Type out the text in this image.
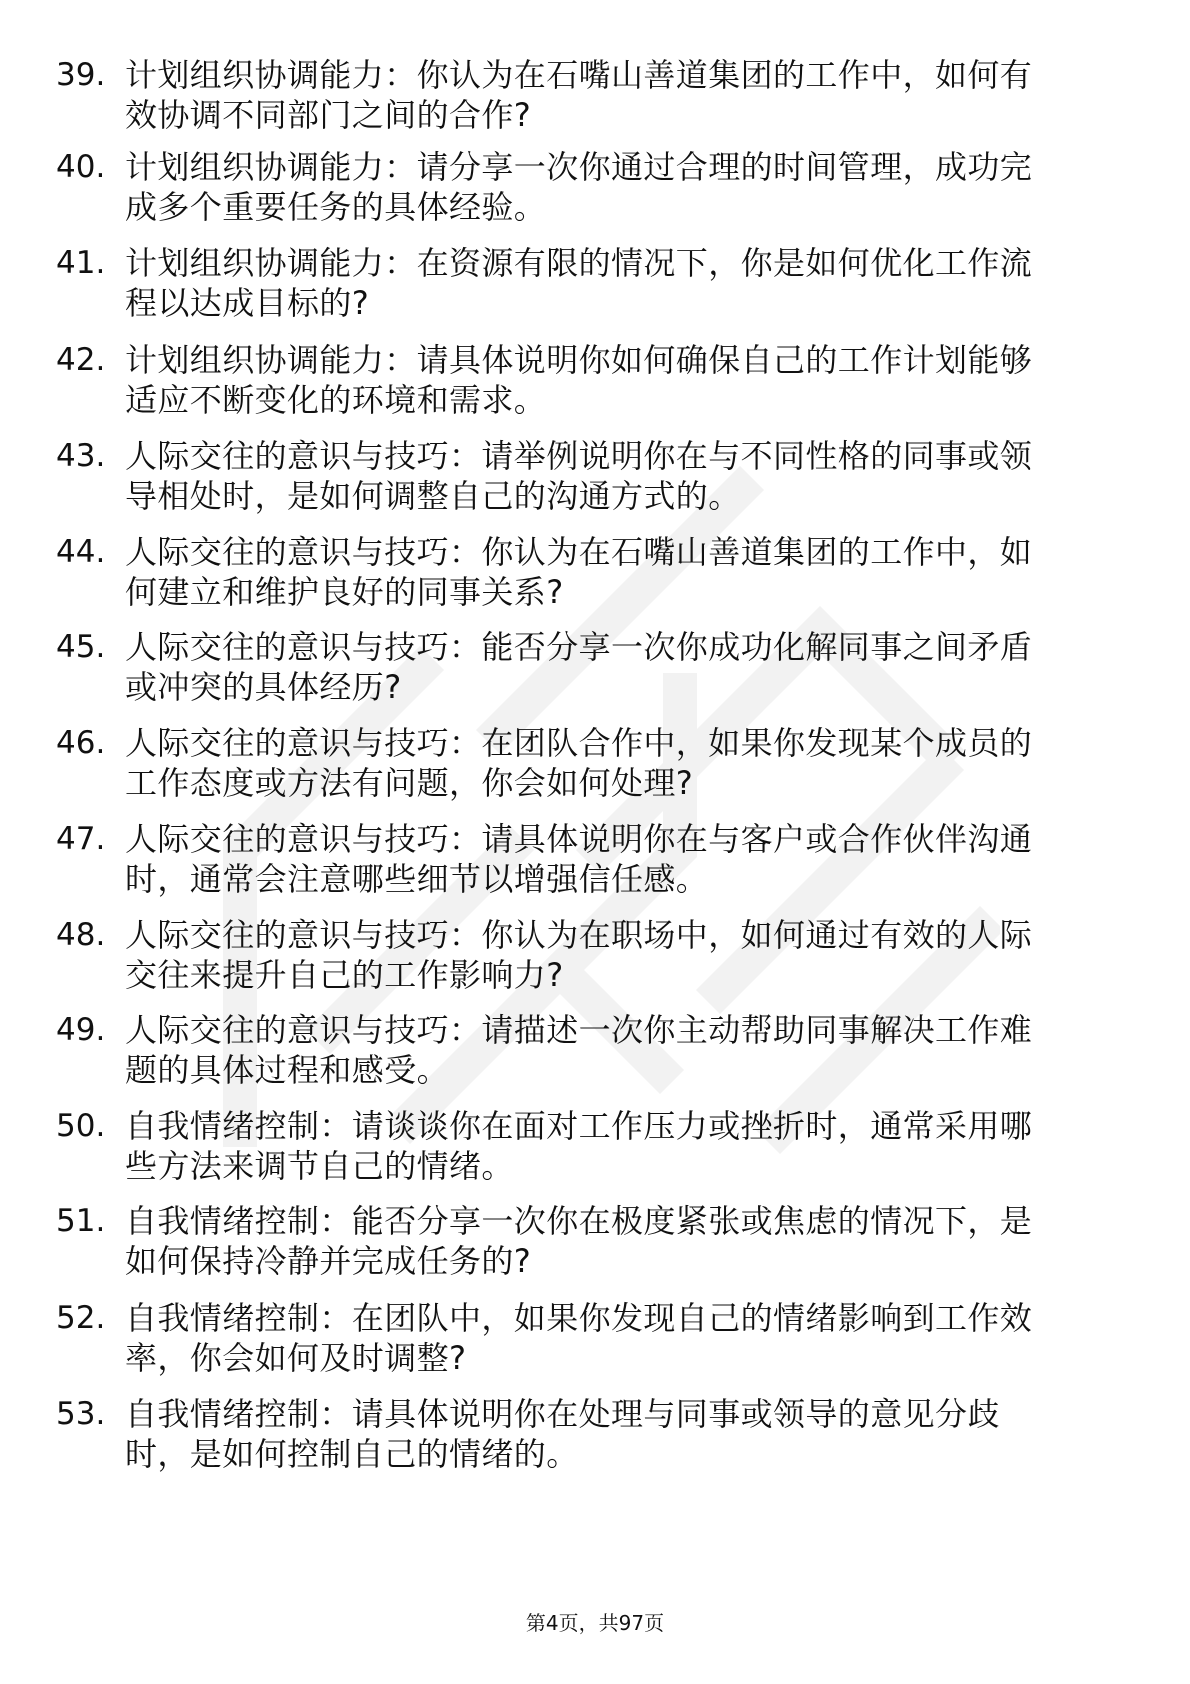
39. 计划组织协调能力：你认为在石嘴山善道集团的工作中，如何有
效协调不同部门之间的合作?
40. 计划组织协调能力：请分享一次你通过合理的时间管理，成功完
成多个重要任务的具体经验。
41. 计划组织协调能力：在资源有限的情况下，你是如何优化工作流
程以达成目标的?
42. 计划组织协调能力：请具体说明你如何确保自己的工作计划能够
适应不断变化的环境和需求。
43. 人际交往的意识与技巧：请举例说明你在与不同性格的同事或领
导相处时，是如何调整自己的沟通方式的。
44. 人际交往的意识与技巧：你认为在石嘴山善道集团的工作中，如
何建立和维护良好的同事关系?
45. 人际交往的意识与技巧：能否分享一次你成功化解同事之间矛盾
或冲突的具体经历?
46. 人际交往的意识与技巧：在团队合作中，如果你发现某个成员的
工作态度或方法有问题，你会如何处理?
47. 人际交往的意识与技巧：请具体说明你在与客户或合作伙伴沟通
时，通常会注意哪些细节以增强信任感。
48. 人际交往的意识与技巧：你认为在职场中，如何通过有效的人际
交往来提升自己的工作影响力?
49. 人际交往的意识与技巧：请描述一次你主动帮助同事解决工作难
题的具体过程和感受。
50. 自我情绪控制：请谈谈你在面对工作压力或挫折时，通常采用哪
些方法来调节自己的情绪。
51. 自我情绪控制：能否分享一次你在极度紧张或焦虑的情况下，是
如何保持冷静并完成任务的?
52. 自我情绪控制：在团队中，如果你发现自己的情绪影响到工作效
率，你会如何及时调整?
53. 自我情绪控制：请具体说明你在处理与同事或领导的意见分歧
时，是如何控制自己的情绪的。
第4页，共97页
